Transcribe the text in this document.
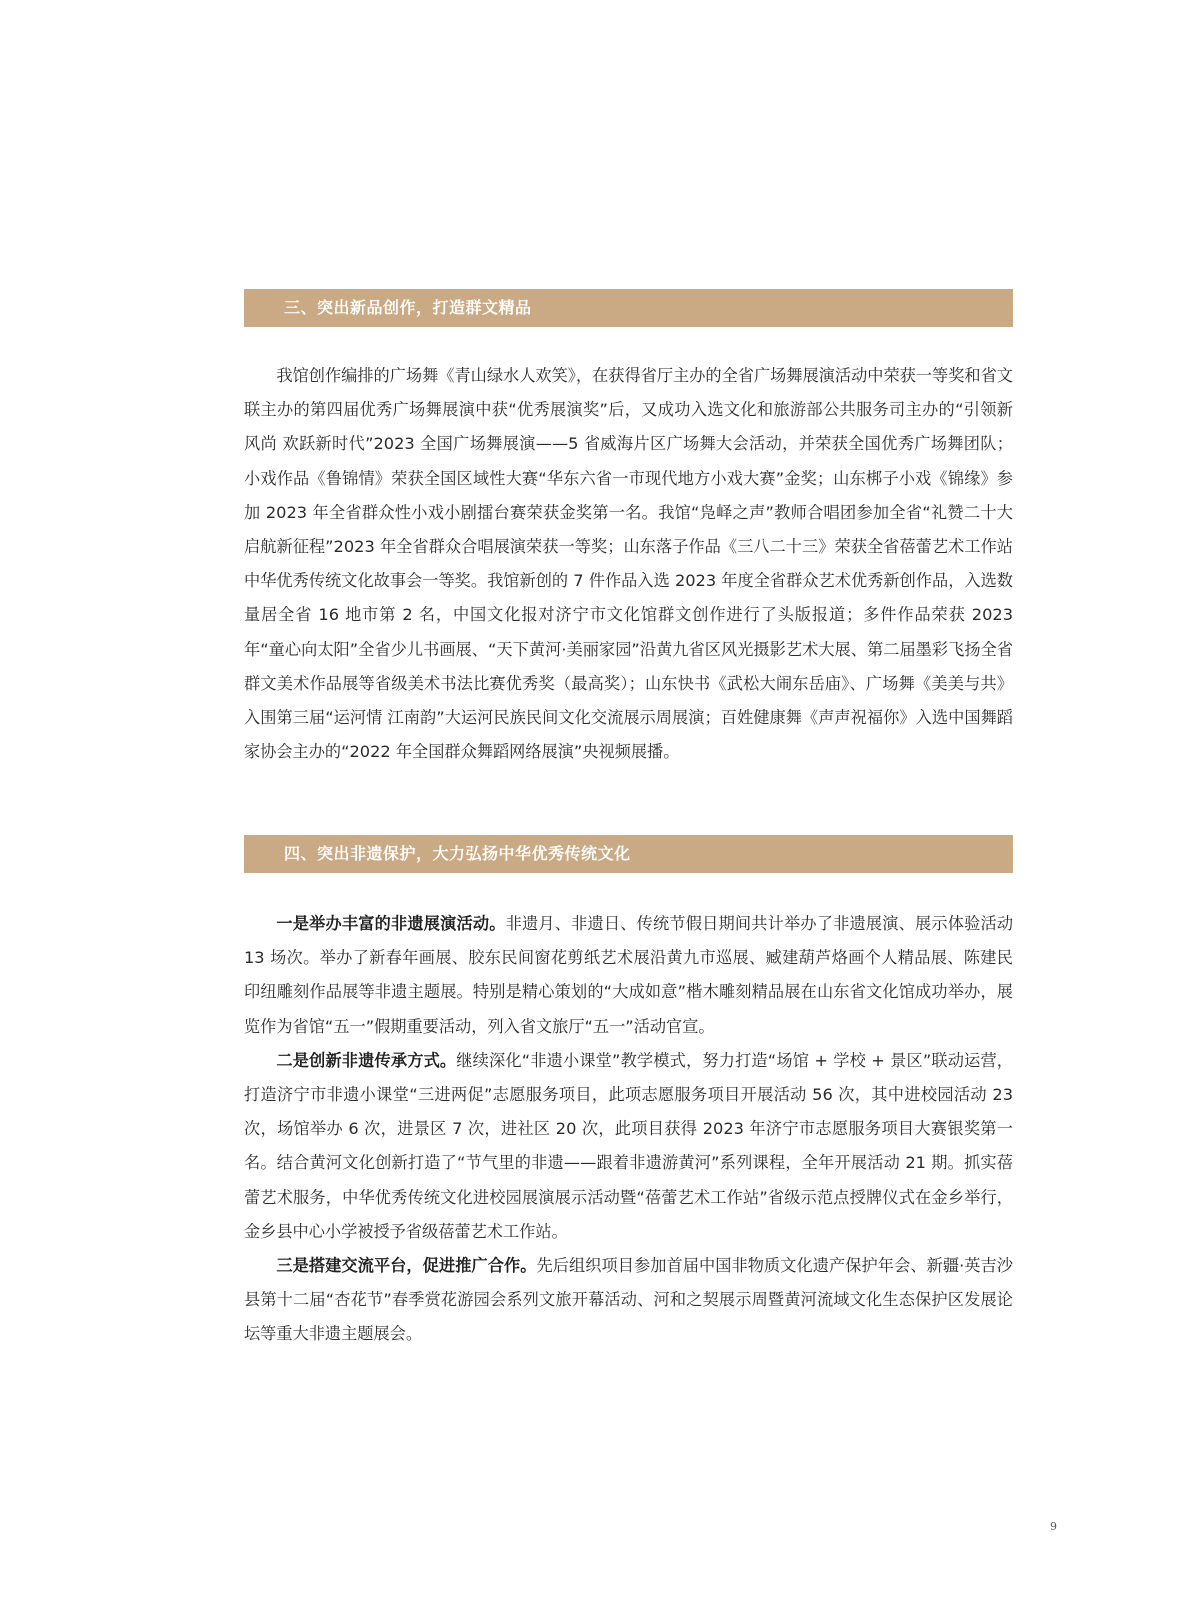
三、突出新品创作，打造群文精品

我馆创作编排的广场舞《青山绿水人欢笑》，在获得省厅主办的全省广场舞展演活动中荣获一等奖和省文联主办的第四届优秀广场舞展演中获“优秀展演奖”后，又成功入选文化和旅游部公共服务司主办的“引领新风尚 欢跃新时代”2023 全国广场舞展演——5 省威海片区广场舞大会活动，并荣获全国优秀广场舞团队；小戏作品《鲁锦情》荣获全国区域性大赛“华东六省一市现代地方小戏大赛”金奖；山东梆子小戏《锦缘》参加 2023 年全省群众性小戏小剧擂台赛荣获金奖第一名。我馆“凫峄之声”教师合唱团参加全省“礼赞二十大 启航新征程”2023 年全省群众合唱展演荣获一等奖；山东落子作品《三八二十三》荣获全省蓓蕾艺术工作站中华优秀传统文化故事会一等奖。我馆新创的 7 件作品入选 2023 年度全省群众艺术优秀新创作品，入选数量居全省 16 地市第 2 名，中国文化报对济宁市文化馆群文创作进行了头版报道；多件作品荣获 2023 年“童心向太阳”全省少儿书画展、“天下黄河·美丽家园”沿黄九省区风光摄影艺术大展、第二届墨彩飞扬全省群文美术作品展等省级美术书法比赛优秀奖（最高奖）；山东快书《武松大闹东岳庙》、广场舞《美美与共》入围第三届“运河情 江南韵”大运河民族民间文化交流展示周展演；百姓健康舞《声声祝福你》入选中国舞蹈家协会主办的“2022 年全国群众舞蹈网络展演”央视频展播。

四、突出非遗保护，大力弘扬中华优秀传统文化

一是举办丰富的非遗展演活动。非遗月、非遗日、传统节假日期间共计举办了非遗展演、展示体验活动 13 场次。举办了新春年画展、胶东民间窗花剪纸艺术展沿黄九市巡展、臧建葫芦烙画个人精品展、陈建民印纽雕刻作品展等非遗主题展。特别是精心策划的“大成如意”楷木雕刻精品展在山东省文化馆成功举办，展览作为省馆“五一”假期重要活动，列入省文旅厅“五一”活动官宣。

二是创新非遗传承方式。继续深化“非遗小课堂”教学模式，努力打造“场馆 + 学校 + 景区”联动运营，打造济宁市非遗小课堂“三进两促”志愿服务项目，此项志愿服务项目开展活动 56 次，其中进校园活动 23 次，场馆举办 6 次，进景区 7 次，进社区 20 次，此项目获得 2023 年济宁市志愿服务项目大赛银奖第一名。结合黄河文化创新打造了“节气里的非遗——跟着非遗游黄河”系列课程，全年开展活动 21 期。抓实蓓蕾艺术服务，中华优秀传统文化进校园展演展示活动暨“蓓蕾艺术工作站”省级示范点授牌仪式在金乡举行，金乡县中心小学被授予省级蓓蕾艺术工作站。

三是搭建交流平台，促进推广合作。先后组织项目参加首届中国非物质文化遗产保护年会、新疆·英吉沙县第十二届“杏花节”春季赏花游园会系列文旅开幕活动、河和之契展示周暨黄河流域文化生态保护区发展论坛等重大非遗主题展会。

9
